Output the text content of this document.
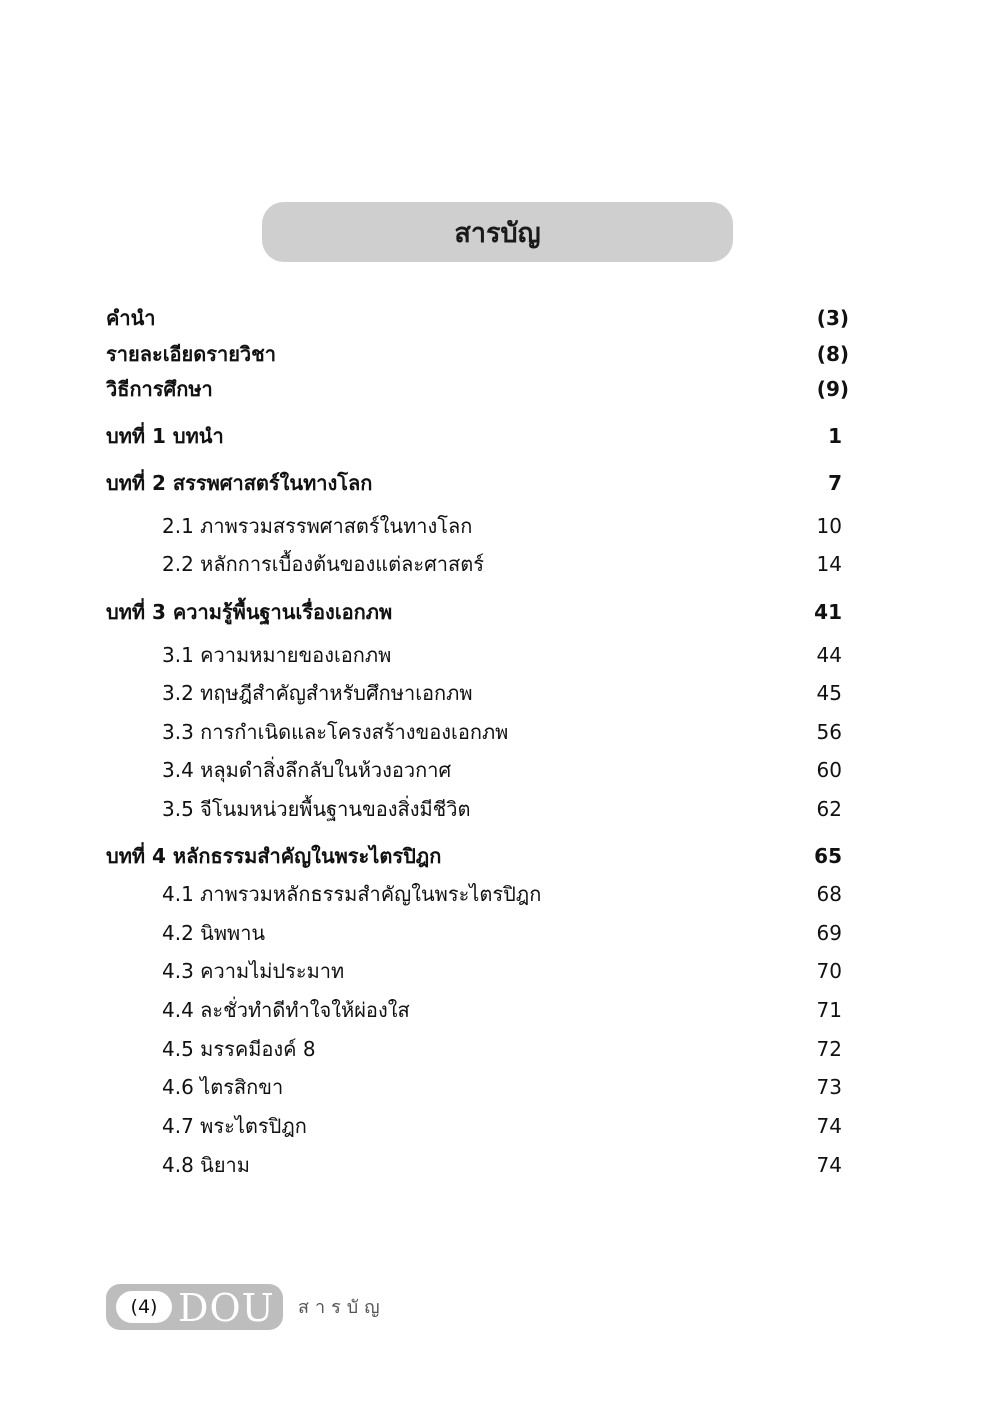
สารบัญ
คำนำ	(3)
รายละเอียดรายวิชา	(8)
วิธีการศึกษา	(9)
บทที่ 1 บทนำ	1
บทที่ 2 สรรพศาสตร์ในทางโลก	7
2.1 ภาพรวมสรรพศาสตร์ในทางโลก	10
2.2 หลักการเบื้องต้นของแต่ละศาสตร์	14
บทที่ 3 ความรู้พื้นฐานเรื่องเอกภพ	41
3.1 ความหมายของเอกภพ	44
3.2 ทฤษฎีสำคัญสำหรับศึกษาเอกภพ	45
3.3 การกำเนิดและโครงสร้างของเอกภพ	56
3.4 หลุมดำสิ่งลึกลับในห้วงอวกาศ	60
3.5 จีโนมหน่วยพื้นฐานของสิ่งมีชีวิต	62
บทที่ 4 หลักธรรมสำคัญในพระไตรปิฎก	65
4.1 ภาพรวมหลักธรรมสำคัญในพระไตรปิฎก	68
4.2 นิพพาน	69
4.3 ความไม่ประมาท	70
4.4 ละชั่วทำดีทำใจให้ผ่องใส	71
4.5 มรรคมีองค์ 8	72
4.6 ไตรสิกขา	73
4.7 พระไตรปิฎก	74
4.8 นิยาม	74
(4) DOU สารบัญ
